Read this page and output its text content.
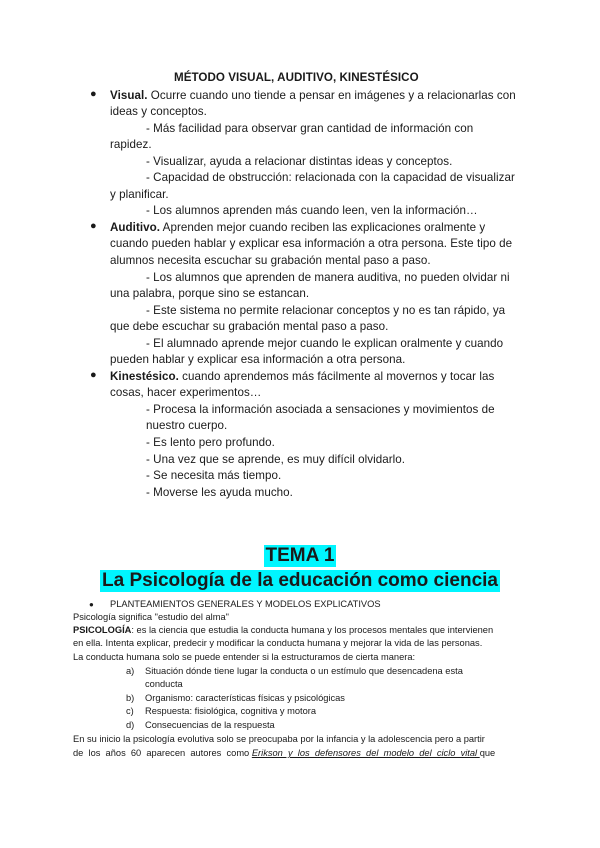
MÉTODO VISUAL, AUDITIVO, KINESTÉSICO
● Visual. Ocurre cuando uno tiende a pensar en imágenes y a relacionarlas con
ideas y conceptos.
- Más facilidad para observar gran cantidad de información con
rapidez.
- Visualizar, ayuda a relacionar distintas ideas y conceptos.
- Capacidad de obstrucción: relacionada con la capacidad de visualizar
y planificar.
- Los alumnos aprenden más cuando leen, ven la información…
● Auditivo. Aprenden mejor cuando reciben las explicaciones oralmente y
cuando pueden hablar y explicar esa información a otra persona. Este tipo de
alumnos necesita escuchar su grabación mental paso a paso.
- Los alumnos que aprenden de manera auditiva, no pueden olvidar ni
una palabra, porque sino se estancan.
- Este sistema no permite relacionar conceptos y no es tan rápido, ya
que debe escuchar su grabación mental paso a paso.
- El alumnado aprende mejor cuando le explican oralmente y cuando
pueden hablar y explicar esa información a otra persona.
● Kinestésico. cuando aprendemos más fácilmente al movernos y tocar las
cosas, hacer experimentos…
- Procesa la información asociada a sensaciones y movimientos de
nuestro cuerpo.
- Es lento pero profundo.
- Una vez que se aprende, es muy difícil olvidarlo.
- Se necesita más tiempo.
- Moverse les ayuda mucho.
TEMA 1
La Psicología de la educación como ciencia
● PLANTEAMIENTOS GENERALES Y MODELOS EXPLICATIVOS
Psicología significa "estudio del alma"
PSICOLOGÍA: es la ciencia que estudia la conducta humana y los procesos mentales que intervienen
en ella. Intenta explicar, predecir y modificar la conducta humana y mejorar la vida de las personas.
La conducta humana solo se puede entender si la estructuramos de cierta manera:
a) Situación dónde tiene lugar la conducta o un estímulo que desencadena esta
conducta
b) Organismo: características físicas y psicológicas
c) Respuesta: fisiológica, cognitiva y motora
d) Consecuencias de la respuesta
En su inicio la psicología evolutiva solo se preocupaba por la infancia y la adolescencia pero a partir
de  los  años  60  aparecen  autores  como Erikson  y  los  defensores  del  modelo  del  ciclo  vital que
